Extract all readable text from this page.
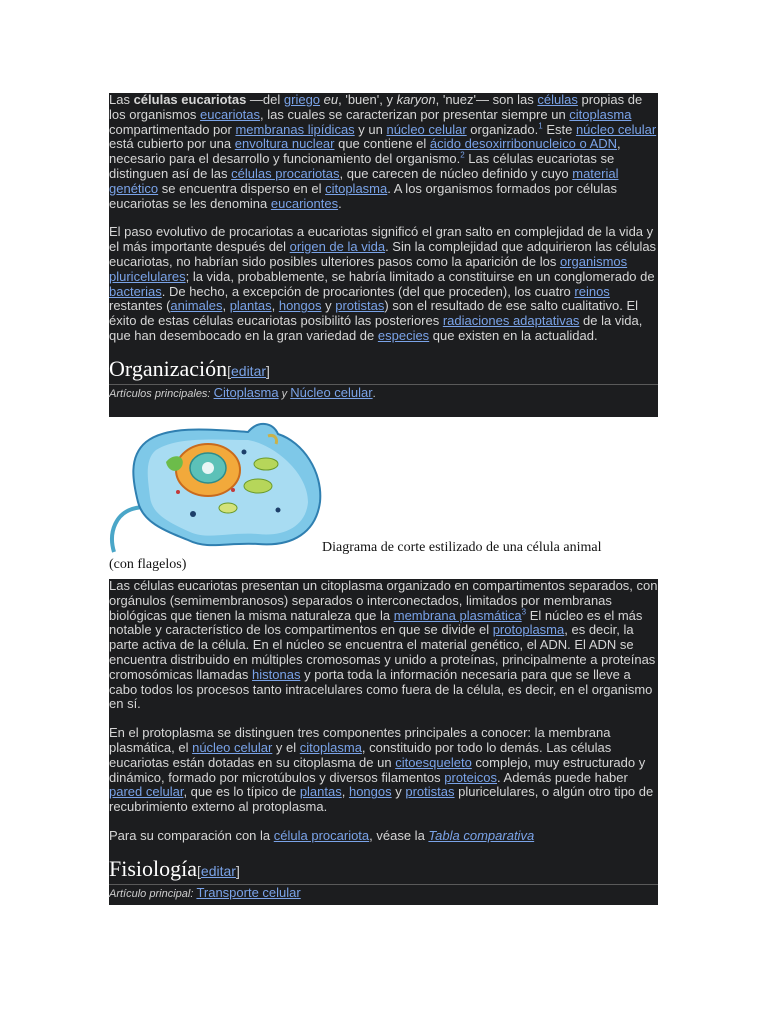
Las células eucariotas —del griego eu, 'buen', y karyon, 'nuez'— son las células propias de los organismos eucariotas, las cuales se caracterizan por presentar siempre un citoplasma compartimentado por membranas lipídicas y un núcleo celular organizado.$^1$ Este núcleo celular está cubierto por una envoltura nuclear que contiene el ácido desoxirribonucleico o ADN, necesario para el desarrollo y funcionamiento del organismo.$^2$ Las células eucariotas se distinguen así de las células procariotas, que carecen de núcleo definido y cuyo material genético se encuentra disperso en el citoplasma. A los organismos formados por células eucariotas se les denomina eucariontes.

El paso evolutivo de procariotas a eucariotas significó el gran salto en complejidad de la vida y el más importante después del origen de la vida. Sin la complejidad que adquirieron las células eucariotas, no habrían sido posibles ulteriores pasos como la aparición de los organismos pluricelulares; la vida, probablemente, se habría limitado a constituirse en un conglomerado de bacterias. De hecho, a excepción de procariontes (del que proceden), los cuatro reinos restantes (animales, plantas, hongos y protistas) son el resultado de ese salto cualitativo. El éxito de estas células eucariotas posibilitó las posteriores radiaciones adaptativas de la vida, que han desembocado en la gran variedad de especies que existen en la actualidad.

Organización[editar]
Artículos principales: Citoplasma y Núcleo celular.
Diagrama de corte estilizado de una célula animal
(con flagelos)

Las células eucariotas presentan un citoplasma organizado en compartimentos separados, con orgánulos (semimembranosos) separados o interconectados, limitados por membranas biológicas que tienen la misma naturaleza que la membrana plasmática$^3$ El núcleo es el más notable y característico de los compartimentos en que se divide el protoplasma, es decir, la parte activa de la célula. En el núcleo se encuentra el material genético, el ADN. El ADN se encuentra distribuido en múltiples cromosomas y unido a proteínas, principalmente a proteínas cromosómicas llamadas histonas y porta toda la información necesaria para que se lleve a cabo todos los procesos tanto intracelulares como fuera de la célula, es decir, en el organismo en sí.

En el protoplasma se distinguen tres componentes principales a conocer: la membrana plasmática, el núcleo celular y el citoplasma, constituido por todo lo demás. Las células eucariotas están dotadas en su citoplasma de un citoesqueleto complejo, muy estructurado y dinámico, formado por microtúbulos y diversos filamentos proteicos. Además puede haber pared celular, que es lo típico de plantas, hongos y protistas pluricelulares, o algún otro tipo de recubrimiento externo al protoplasma.

Para su comparación con la célula procariota, véase la Tabla comparativa

Fisiología[editar]
Artículo principal: Transporte celular
